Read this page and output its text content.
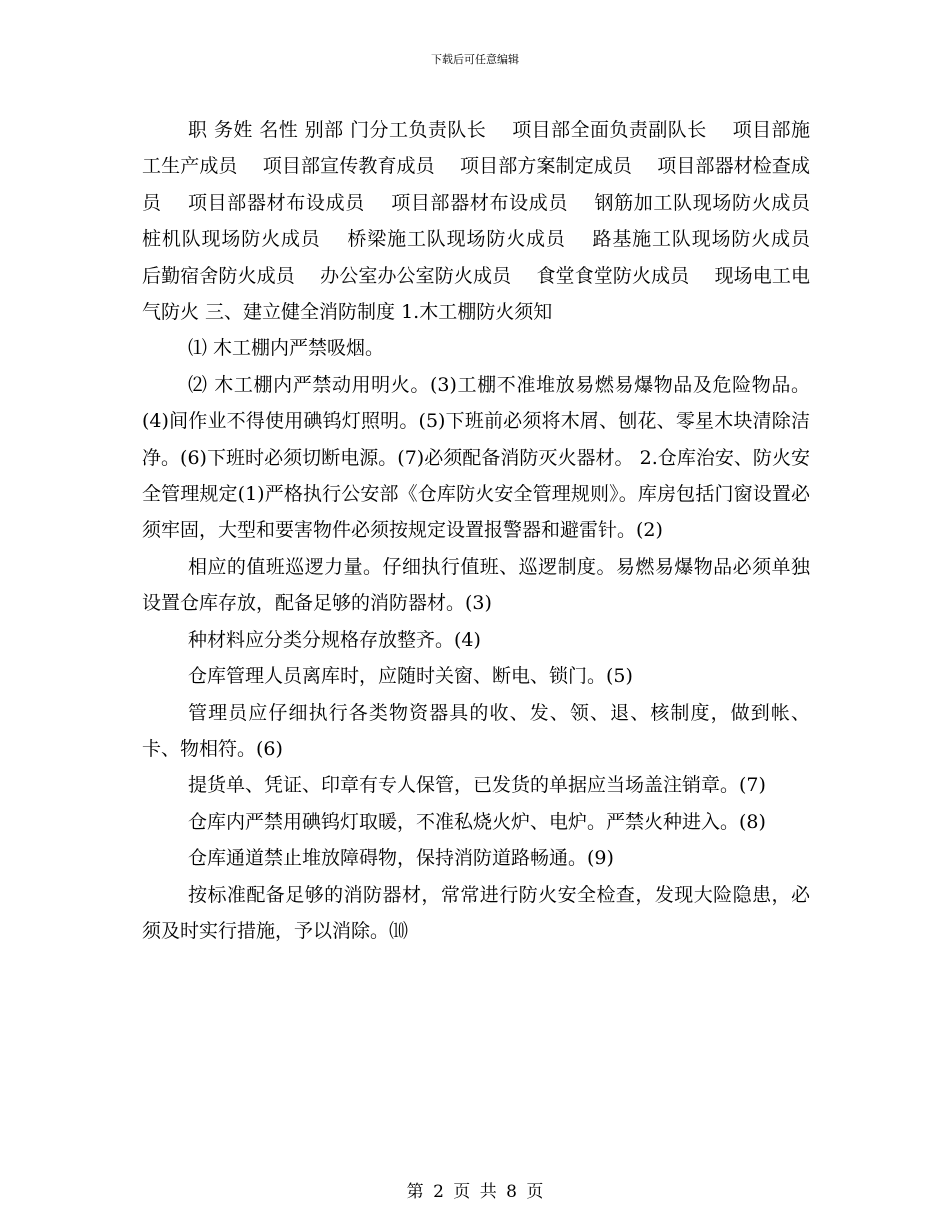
下载后可任意编辑

职 务姓 名性 别部 门分工负责队长　 项目部全面负责副队长　 项目部施工生产成员　 项目部宣传教育成员　 项目部方案制定成员　 项目部器材检查成员　 项目部器材布设成员　 项目部器材布设成员　 钢筋加工队现场防火成员　 桩机队现场防火成员　 桥梁施工队现场防火成员　 路基施工队现场防火成员　 后勤宿舍防火成员　 办公室办公室防火成员　 食堂食堂防火成员　 现场电工电气防火 三、建立健全消防制度 1.木工棚防火须知

⑴ 木工棚内严禁吸烟。

⑵ 木工棚内严禁动用明火。(3)工棚不准堆放易燃易爆物品及危险物品。(4)间作业不得使用碘钨灯照明。(5)下班前必须将木屑、刨花、零星木块清除洁净。(6)下班时必须切断电源。(7)必须配备消防灭火器材。 2.仓库治安、防火安全管理规定(1)严格执行公安部《仓库防火安全管理规则》。库房包括门窗设置必须牢固，大型和要害物件必须按规定设置报警器和避雷针。(2)

相应的值班巡逻力量。仔细执行值班、巡逻制度。易燃易爆物品必须单独设置仓库存放，配备足够的消防器材。(3)

种材料应分类分规格存放整齐。(4)

仓库管理人员离库时，应随时关窗、断电、锁门。(5)

管理员应仔细执行各类物资器具的收、发、领、退、核制度，做到帐、卡、物相符。(6)

提货单、凭证、印章有专人保管，已发货的单据应当场盖注销章。(7)

仓库内严禁用碘钨灯取暖，不准私烧火炉、电炉。严禁火种进入。(8)

仓库通道禁止堆放障碍物，保持消防道路畅通。(9)

按标准配备足够的消防器材，常常进行防火安全检查，发现大险隐患，必须及时实行措施，予以消除。⑽

第 2 页 共 8 页
